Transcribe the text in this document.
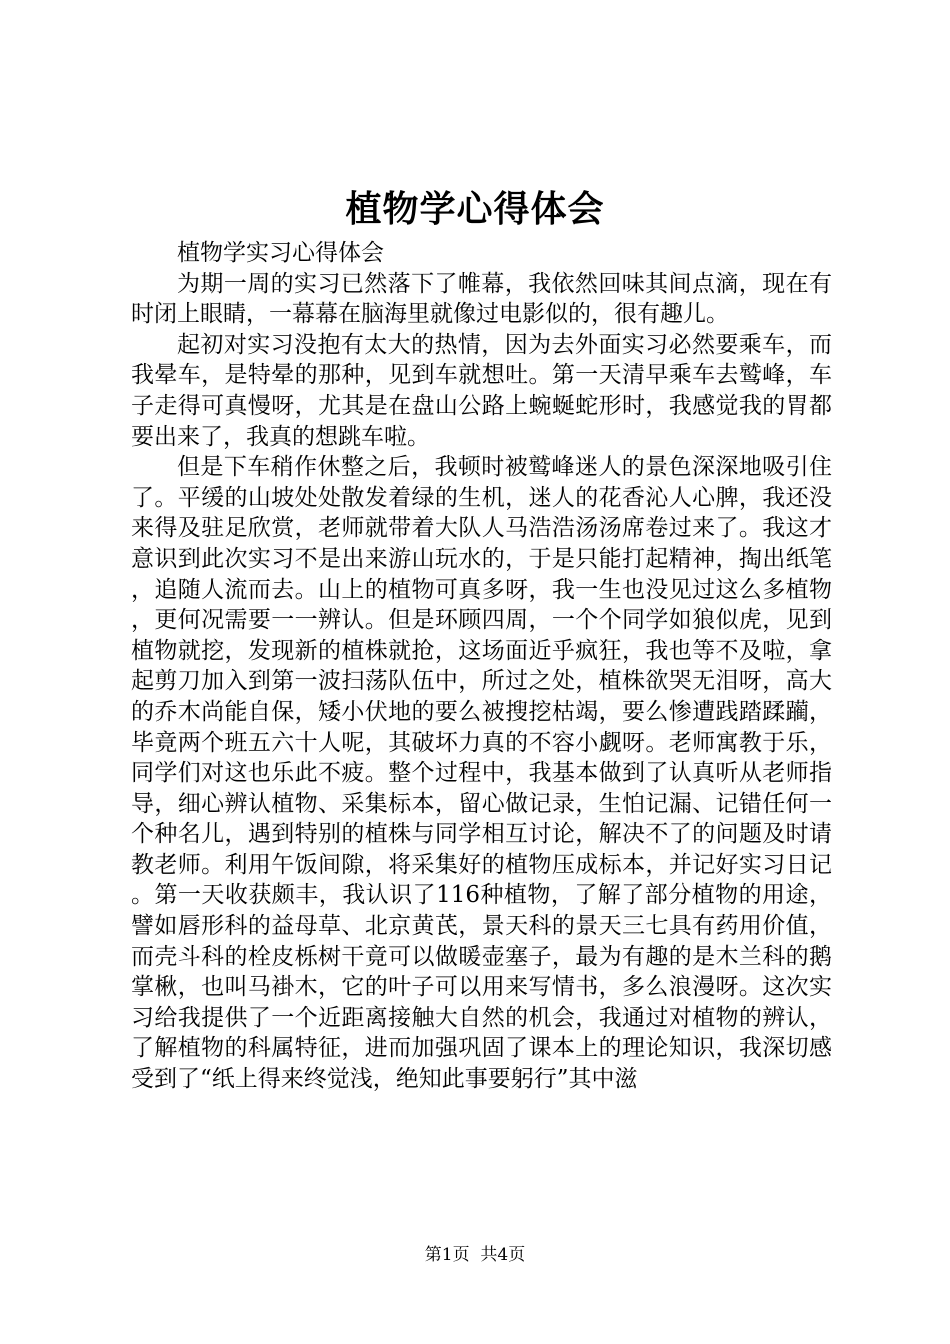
植物学心得体会

植物学实习心得体会

为期一周的实习已然落下了帷幕，我依然回味其间点滴，现在有时闭上眼睛，一幕幕在脑海里就像过电影似的，很有趣儿。

起初对实习没抱有太大的热情，因为去外面实习必然要乘车，而我晕车，是特晕的那种，见到车就想吐。第一天清早乘车去鹫峰，车子走得可真慢呀，尤其是在盘山公路上蜿蜒蛇形时，我感觉我的胃都要出来了，我真的想跳车啦。

但是下车稍作休整之后，我顿时被鹫峰迷人的景色深深地吸引住了。平缓的山坡处处散发着绿的生机，迷人的花香沁人心脾，我还没来得及驻足欣赏，老师就带着大队人马浩浩汤汤席卷过来了。我这才意识到此次实习不是出来游山玩水的，于是只能打起精神，掏出纸笔，追随人流而去。山上的植物可真多呀，我一生也没见过这么多植物，更何况需要一一辨认。但是环顾四周，一个个同学如狼似虎，见到植物就挖，发现新的植株就抢，这场面近乎疯狂，我也等不及啦，拿起剪刀加入到第一波扫荡队伍中，所过之处，植株欲哭无泪呀，高大的乔木尚能自保，矮小伏地的要么被搜挖枯竭，要么惨遭践踏蹂躏，毕竟两个班五六十人呢，其破坏力真的不容小觑呀。老师寓教于乐，同学们对这也乐此不疲。整个过程中，我基本做到了认真听从老师指导，细心辨认植物、采集标本，留心做记录，生怕记漏、记错任何一个种名儿，遇到特别的植株与同学相互讨论，解决不了的问题及时请教老师。利用午饭间隙，将采集好的植物压成标本，并记好实习日记。第一天收获颇丰，我认识了116种植物，了解了部分植物的用途，譬如唇形科的益母草、北京黄芪，景天科的景天三七具有药用价值，而壳斗科的栓皮栎树干竟可以做暖壶塞子，最为有趣的是木兰科的鹅掌楸，也叫马褂木，它的叶子可以用来写情书，多么浪漫呀。这次实习给我提供了一个近距离接触大自然的机会，我通过对植物的辨认，了解植物的科属特征，进而加强巩固了课本上的理论知识，我深切感受到了“纸上得来终觉浅，绝知此事要躬行”其中滋

第1页 共4页
